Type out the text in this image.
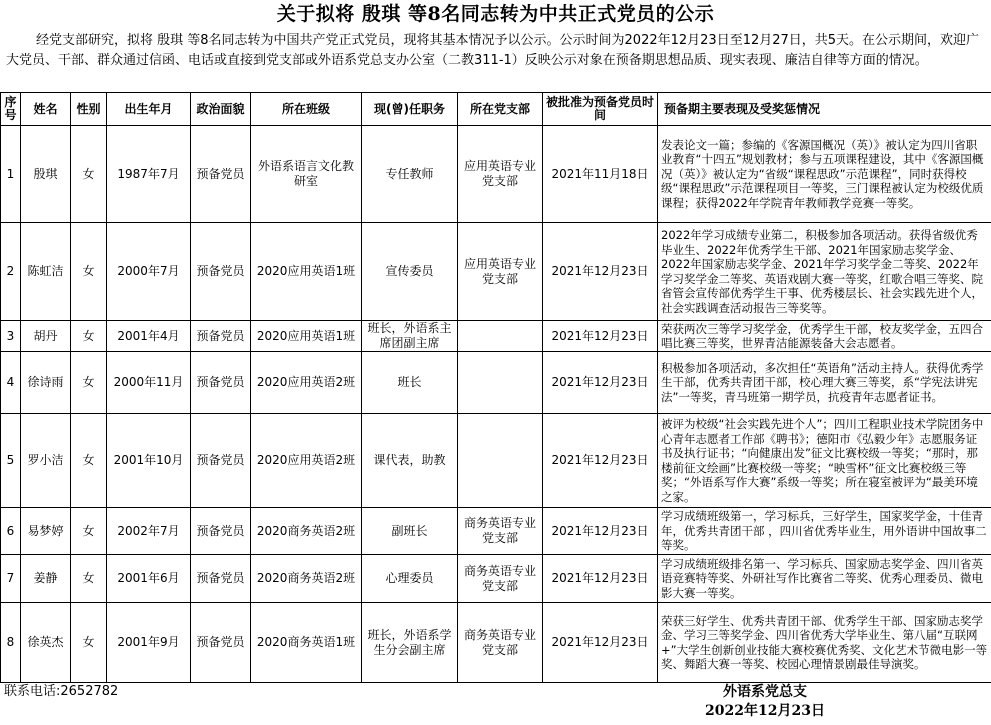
关于拟将 殷琪 等8名同志转为中共正式党员的公示
经党支部研究，拟将 殷琪 等8名同志转为中国共产党正式党员，现将其基本情况予以公示。公示时间为2022年12月23日至12月27日，共5天。在公示期间，欢迎广大党员、干部、群众通过信函、电话或直接到党支部或外语系党总支办公室（二教311-1）反映公示对象在预备期思想品质、现实表现、廉洁自律等方面的情况。
序号	姓名	性别	出生年月	政治面貌	所在班级	现(曾)任职务	所在党支部	被批准为预备党员时间	预备期主要表现及受奖惩情况
1	殷琪	女	1987年7月	预备党员	外语系语言文化教研室	专任教师	应用英语专业党支部	2021年11月18日	发表论文一篇；参编的《客源国概况（英）》被认定为四川省职业教育“十四五”规划教材；参与五项课程建设，其中《客源国概况（英）》被认定为“省级“课程思政”示范课程”，同时获得校级“课程思政”示范课程项目一等奖，三门课程被认定为校级优质课程；获得2022年学院青年教师教学竞赛一等奖。
2	陈虹洁	女	2000年7月	预备党员	2020应用英语1班	宣传委员	应用英语专业党支部	2021年12月23日	2022年学习成绩专业第二，积极参加各项活动。获得省级优秀毕业生、2022年优秀学生干部、2021年国家励志奖学金、2022年国家励志奖学金、2021年学习奖学金二等奖、2022年学习奖学金二等奖、英语戏剧大赛一等奖，红歌合唱三等奖、院省管会宣传部优秀学生干事、优秀楼层长、社会实践先进个人，社会实践调查活动报告三等奖等。
3	胡丹	女	2001年4月	预备党员	2020应用英语1班	班长，外语系主席团副主席		2021年12月23日	荣获两次三等学习奖学金，优秀学生干部，校友奖学金，五四合唱比赛三等奖，世界青洁能源装备大会志愿者。
4	徐诗雨	女	2000年11月	预备党员	2020应用英语2班	班长		2021年12月23日	积极参加各项活动，多次担任“英语角”活动主持人。获得优秀学生干部，优秀共青团干部，校心理大赛三等奖，系“学宪法讲宪法”一等奖，青马班第一期学员，抗疫青年志愿者证书。
5	罗小洁	女	2001年10月	预备党员	2020应用英语2班	课代表，助教		2021年12月23日	被评为校级“社会实践先进个人”；四川工程职业技术学院团务中心青年志愿者工作部《聘书》；德阳市《弘毅少年》志愿服务证书及执行证书；“向健康出发”征文比赛校级一等奖；“那时，那楼前征文绘画”比赛校级一等奖；“映雪杯”征文比赛校级三等奖；“外语系写作大赛”系级一等奖；所在寝室被评为“最美环境之家。
6	易梦婷	女	2002年7月	预备党员	2020商务英语2班	副班长	商务英语专业党支部	2021年12月23日	学习成绩班级第一，学习标兵，三好学生，国家奖学金，十佳青年，优秀共青团干部 ，四川省优秀毕业生，用外语讲中国故事二等奖。
7	姜静	女	2001年6月	预备党员	2020商务英语2班	心理委员	商务英语专业党支部	2021年12月23日	学习成绩班级排名第一、学习标兵、国家励志奖学金、四川省英语竞赛特等奖、外研社写作比赛省二等奖、优秀心理委员、微电影大赛一等奖。
8	徐英杰	女	2001年9月	预备党员	2020商务英语1班	班长，外语系学生分会副主席	商务英语专业党支部	2021年12月23日	荣获三好学生、优秀共青团干部、优秀学生干部、国家励志奖学金、学习三等奖学金、四川省优秀大学毕业生、第八届“互联网+”大学生创新创业技能大赛校赛优秀奖、文化艺术节微电影一等奖、舞蹈大赛一等奖、校园心理情景剧最佳导演奖。
联系电话:2652782	外语系党总支
2022年12月23日
